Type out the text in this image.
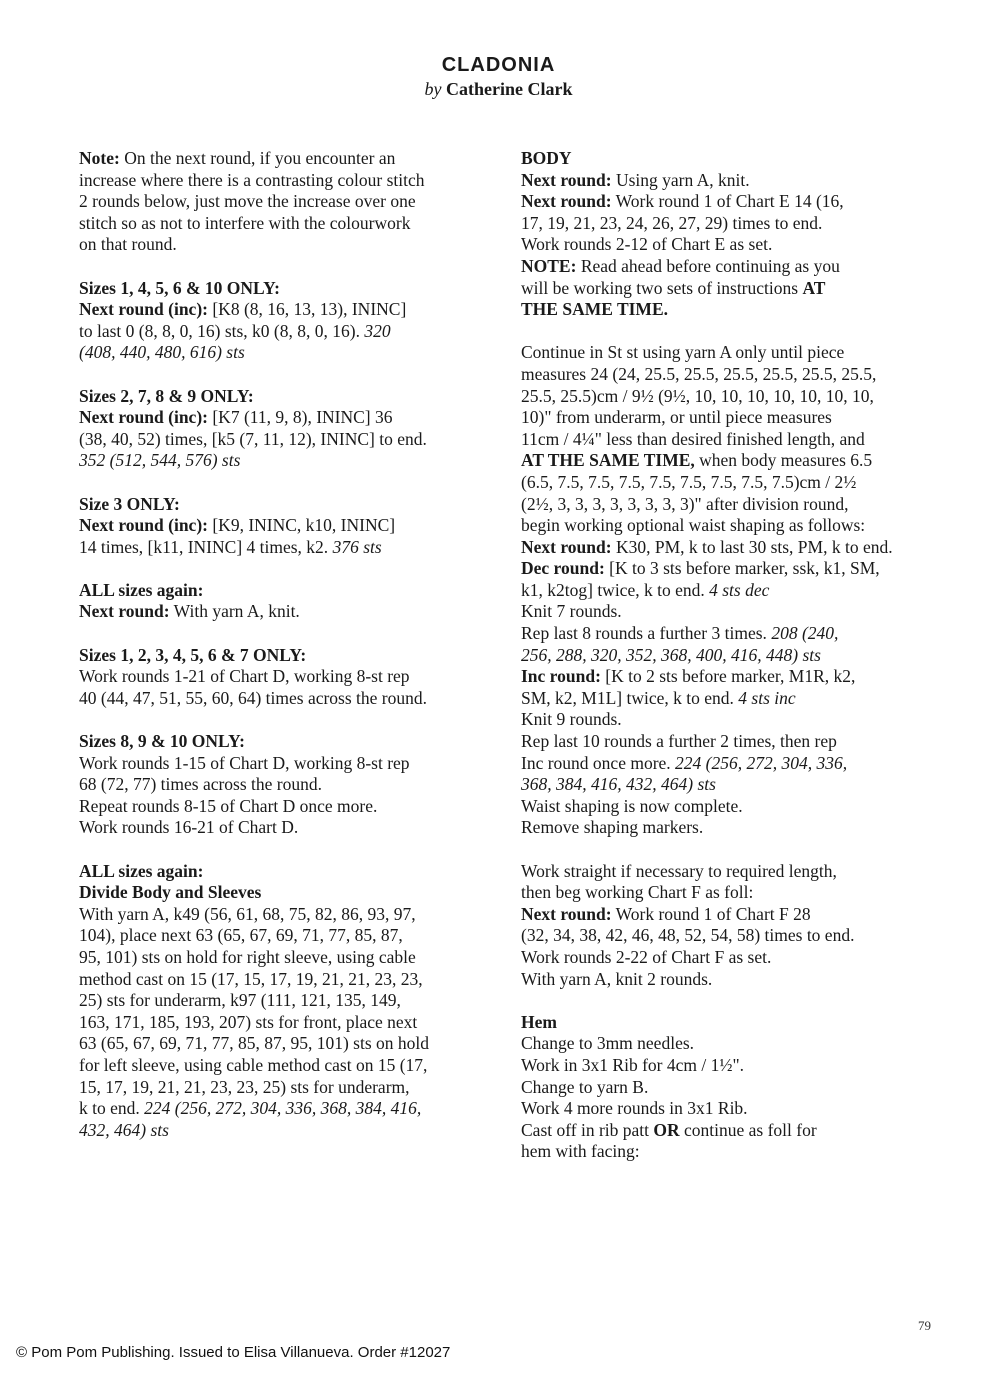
CLADONIA
by Catherine Clark
Note: On the next round, if you encounter an
increase where there is a contrasting colour stitch
2 rounds below, just move the increase over one
stitch so as not to interfere with the colourwork
on that round.
Sizes 1, 4, 5, 6 & 10 ONLY:
Next round (inc): [K8 (8, 16, 13, 13), ININC]
to last 0 (8, 8, 0, 16) sts, k0 (8, 8, 0, 16). 320
(408, 440, 480, 616) sts
Sizes 2, 7, 8 & 9 ONLY:
Next round (inc): [K7 (11, 9, 8), ININC] 36
(38, 40, 52) times, [k5 (7, 11, 12), ININC] to end.
352 (512, 544, 576) sts
Size 3 ONLY:
Next round (inc): [K9, ININC, k10, ININC]
14 times, [k11, ININC] 4 times, k2. 376 sts
ALL sizes again:
Next round: With yarn A, knit.
Sizes 1, 2, 3, 4, 5, 6 & 7 ONLY:
Work rounds 1-21 of Chart D, working 8-st rep
40 (44, 47, 51, 55, 60, 64) times across the round.
Sizes 8, 9 & 10 ONLY:
Work rounds 1-15 of Chart D, working 8-st rep
68 (72, 77) times across the round.
Repeat rounds 8-15 of Chart D once more.
Work rounds 16-21 of Chart D.
ALL sizes again:
Divide Body and Sleeves
With yarn A, k49 (56, 61, 68, 75, 82, 86, 93, 97,
104), place next 63 (65, 67, 69, 71, 77, 85, 87,
95, 101) sts on hold for right sleeve, using cable
method cast on 15 (17, 15, 17, 19, 21, 21, 23, 23,
25) sts for underarm, k97 (111, 121, 135, 149,
163, 171, 185, 193, 207) sts for front, place next
63 (65, 67, 69, 71, 77, 85, 87, 95, 101) sts on hold
for left sleeve, using cable method cast on 15 (17,
15, 17, 19, 21, 21, 23, 23, 25) sts for underarm,
k to end. 224 (256, 272, 304, 336, 368, 384, 416,
432, 464) sts
BODY
Next round: Using yarn A, knit.
Next round: Work round 1 of Chart E 14 (16,
17, 19, 21, 23, 24, 26, 27, 29) times to end.
Work rounds 2-12 of Chart E as set.
NOTE: Read ahead before continuing as you
will be working two sets of instructions AT
THE SAME TIME.
Continue in St st using yarn A only until piece
measures 24 (24, 25.5, 25.5, 25.5, 25.5, 25.5, 25.5,
25.5, 25.5)cm / 9½ (9½, 10, 10, 10, 10, 10, 10, 10,
10)" from underarm, or until piece measures
11cm / 4¼" less than desired finished length, and
AT THE SAME TIME, when body measures 6.5
(6.5, 7.5, 7.5, 7.5, 7.5, 7.5, 7.5, 7.5, 7.5)cm / 2½
(2½, 3, 3, 3, 3, 3, 3, 3, 3)" after division round,
begin working optional waist shaping as follows:
Next round: K30, PM, k to last 30 sts, PM, k to end.
Dec round: [K to 3 sts before marker, ssk, k1, SM,
k1, k2tog] twice, k to end. 4 sts dec
Knit 7 rounds.
Rep last 8 rounds a further 3 times. 208 (240,
256, 288, 320, 352, 368, 400, 416, 448) sts
Inc round: [K to 2 sts before marker, M1R, k2,
SM, k2, M1L] twice, k to end. 4 sts inc
Knit 9 rounds.
Rep last 10 rounds a further 2 times, then rep
Inc round once more. 224 (256, 272, 304, 336,
368, 384, 416, 432, 464) sts
Waist shaping is now complete.
Remove shaping markers.
Work straight if necessary to required length,
then beg working Chart F as foll:
Next round: Work round 1 of Chart F 28
(32, 34, 38, 42, 46, 48, 52, 54, 58) times to end.
Work rounds 2-22 of Chart F as set.
With yarn A, knit 2 rounds.
Hem
Change to 3mm needles.
Work in 3x1 Rib for 4cm / 1½".
Change to yarn B.
Work 4 more rounds in 3x1 Rib.
Cast off in rib patt OR continue as foll for
hem with facing:
79
© Pom Pom Publishing. Issued to Elisa Villanueva. Order #12027
